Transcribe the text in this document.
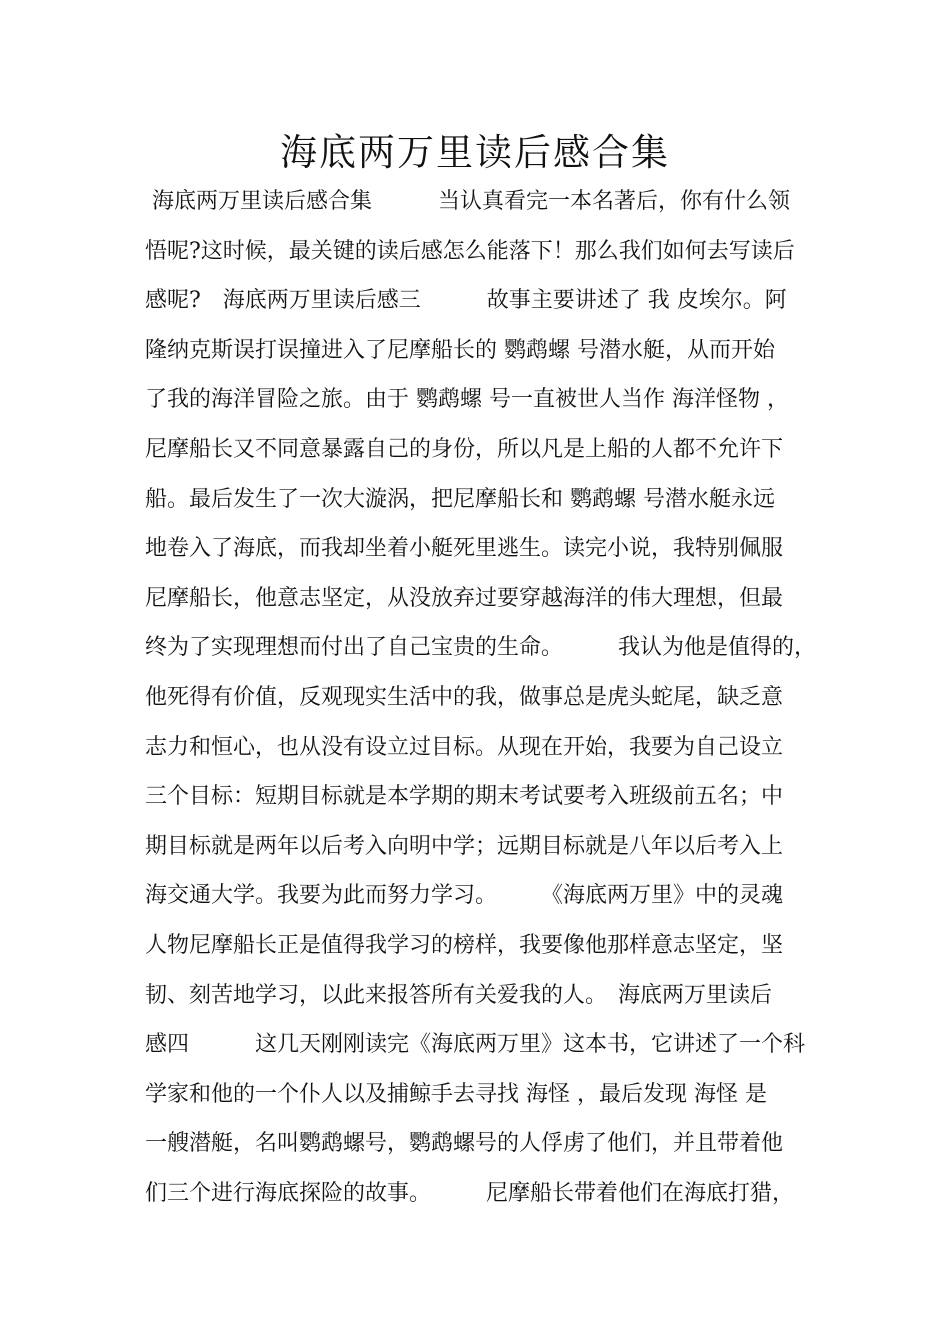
海底两万里读后感合集
海底两万里读后感合集　　　当认真看完一本名著后，你有什么领
悟呢?这时候，最关键的读后感怎么能落下！那么我们如何去写读后
感呢?　海底两万里读后感三　　　故事主要讲述了 我 皮埃尔。阿
隆纳克斯误打误撞进入了尼摩船长的 鹦鹉螺 号潜水艇，从而开始
了我的海洋冒险之旅。由于 鹦鹉螺 号一直被世人当作 海洋怪物 ，
尼摩船长又不同意暴露自己的身份，所以凡是上船的人都不允许下
船。最后发生了一次大漩涡，把尼摩船长和 鹦鹉螺 号潜水艇永远
地卷入了海底，而我却坐着小艇死里逃生。读完小说，我特别佩服
尼摩船长，他意志坚定，从没放弃过要穿越海洋的伟大理想，但最
终为了实现理想而付出了自己宝贵的生命。　　　我认为他是值得的，
他死得有价值，反观现实生活中的我，做事总是虎头蛇尾，缺乏意
志力和恒心，也从没有设立过目标。从现在开始，我要为自己设立
三个目标：短期目标就是本学期的期末考试要考入班级前五名；中
期目标就是两年以后考入向明中学；远期目标就是八年以后考入上
海交通大学。我要为此而努力学习。　　　《海底两万里》中的灵魂
人物尼摩船长正是值得我学习的榜样，我要像他那样意志坚定，坚
韧、刻苦地学习，以此来报答所有关爱我的人。　海底两万里读后
感四　　　这几天刚刚读完《海底两万里》这本书，它讲述了一个科
学家和他的一个仆人以及捕鲸手去寻找 海怪 ，最后发现 海怪 是
一艘潜艇，名叫鹦鹉螺号，鹦鹉螺号的人俘虏了他们，并且带着他
们三个进行海底探险的故事。　　　尼摩船长带着他们在海底打猎，
